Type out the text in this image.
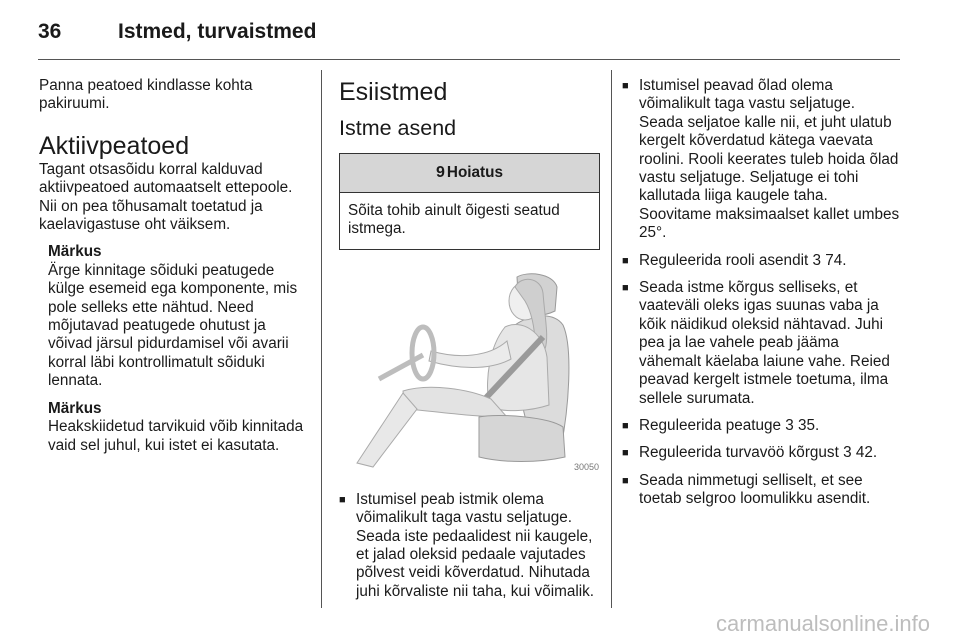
36	Istmed, turvaistmed

Panna peatoed kindlasse kohta pakiruumi.

Aktiivpeatoed

Tagant otsasõidu korral kalduvad aktiivpeatoed automaatselt ettepoole. Nii on pea tõhusamalt toetatud ja kaelavigastuse oht väiksem.

Märkus

Ärge kinnitage sõiduki peatugede külge esemeid ega komponente, mis pole selleks ette nähtud. Need mõjutavad peatugede ohutust ja võivad järsul pidurdamisel või avarii korral läbi kontrollimatult sõiduki lennata.

Märkus

Heakskiidetud tarvikuid võib kinnitada vaid sel juhul, kui istet ei kasutata.

Esiistmed
Istme asend
9 Hoiatus

Sõita tohib ainult õigesti seatud istmega.

30050
■ Istumisel peab istmik olema võimalikult taga vastu seljatuge. Seada iste pedaalidest nii kaugele, et jalad oleksid pedaale vajutades põlvest veidi kõverdatud. Nihutada juhi kõrvaliste nii taha, kui võimalik.

■ Istumisel peavad õlad olema võimalikult taga vastu seljatuge. Seada seljatoe kalle nii, et juht ulatub kergelt kõverdatud kätega vaevata roolini. Rooli keerates tuleb hoida õlad vastu seljatuge. Seljatuge ei tohi kallutada liiga kaugele taha. Soovitame maksimaalset kallet umbes 25°.

■ Reguleerida rooli asendit 3 74.

■ Seada istme kõrgus selliseks, et vaateväli oleks igas suunas vaba ja kõik näidikud oleksid nähtavad. Juhi pea ja lae vahele peab jääma vähemalt käelaba laiune vahe. Reied peavad kergelt istmele toetuma, ilma sellele surumata.

■ Reguleerida peatuge 3 35.

■ Reguleerida turvavöö kõrgust 3 42.

■ Seada nimmetugi selliselt, et see toetab selgroo loomulikku asendit.

carmanualsonline.info
